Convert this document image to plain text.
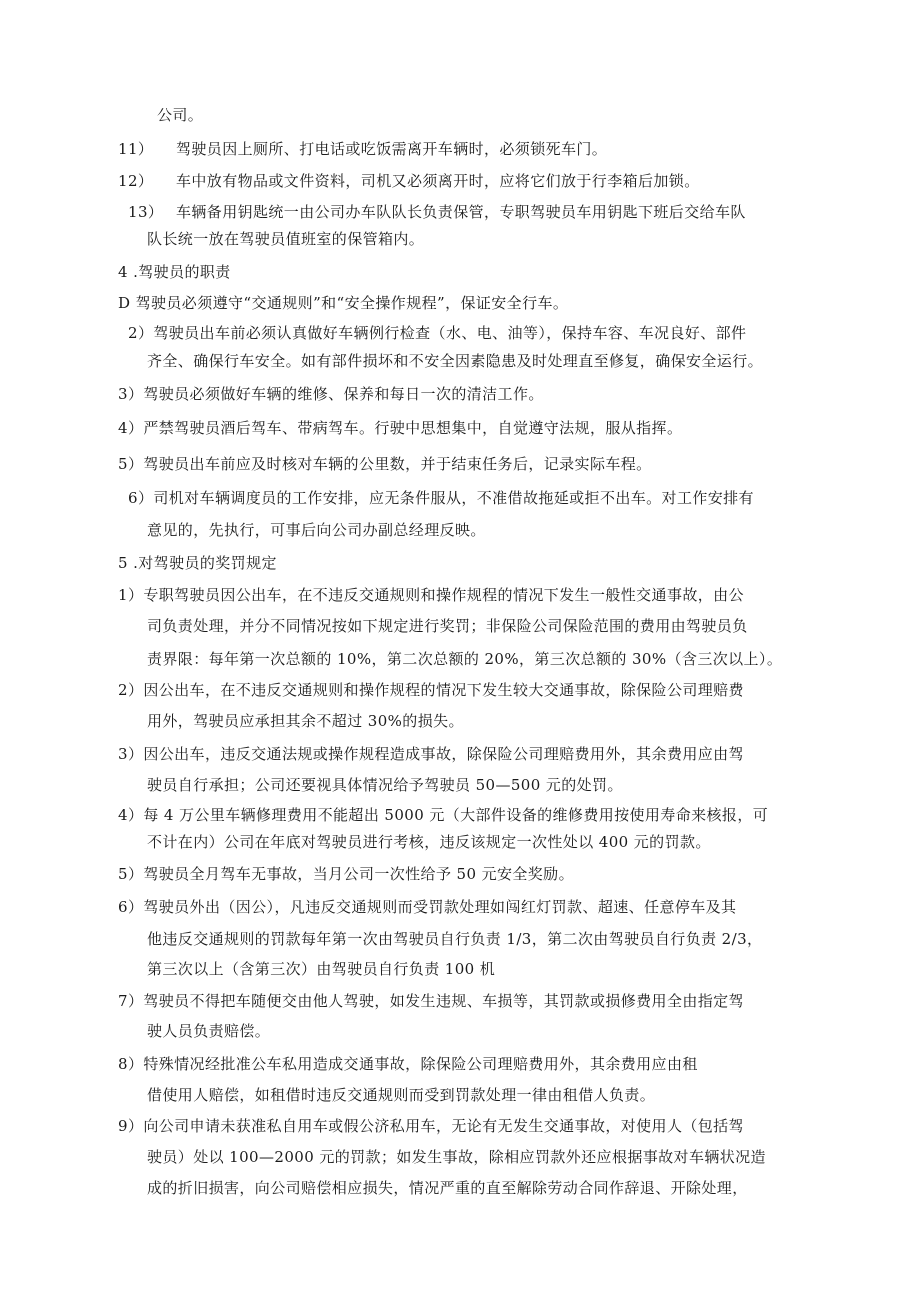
公司。
11） 驾驶员因上厕所、打电话或吃饭需离开车辆时，必须锁死车门。
12） 车中放有物品或文件资料，司机又必须离开时，应将它们放于行李箱后加锁。
13） 车辆备用钥匙统一由公司办车队队长负责保管，专职驾驶员车用钥匙下班后交给车队
队长统一放在驾驶员值班室的保管箱内。
4 .驾驶员的职责
D 驾驶员必须遵守“交通规则”和“安全操作规程”，保证安全行车。
2）驾驶员出车前必须认真做好车辆例行检查（水、电、油等），保持车容、车况良好、部件
齐全、确保行车安全。如有部件损坏和不安全因素隐患及时处理直至修复，确保安全运行。
3）驾驶员必须做好车辆的维修、保养和每日一次的清洁工作。
4）严禁驾驶员酒后驾车、带病驾车。行驶中思想集中，自觉遵守法规，服从指挥。
5）驾驶员出车前应及时核对车辆的公里数，并于结束任务后，记录实际车程。
6）司机对车辆调度员的工作安排，应无条件服从，不准借故拖延或拒不出车。对工作安排有
意见的，先执行，可事后向公司办副总经理反映。
5 .对驾驶员的奖罚规定
1）专职驾驶员因公出车，在不违反交通规则和操作规程的情况下发生一般性交通事故，由公
司负责处理，并分不同情况按如下规定进行奖罚；非保险公司保险范围的费用由驾驶员负
责界限：每年第一次总额的 10%，第二次总额的 20%，第三次总额的 30%（含三次以上）。
2）因公出车，在不违反交通规则和操作规程的情况下发生较大交通事故，除保险公司理赔费
用外，驾驶员应承担其余不超过 30%的损失。
3）因公出车，违反交通法规或操作规程造成事故，除保险公司理赔费用外，其余费用应由驾
驶员自行承担；公司还要视具体情况给予驾驶员 50—500 元的处罚。
4）每 4 万公里车辆修理费用不能超出 5000 元（大部件设备的维修费用按使用寿命来核报，可
不计在内）公司在年底对驾驶员进行考核，违反该规定一次性处以 400 元的罚款。
5）驾驶员全月驾车无事故，当月公司一次性给予 50 元安全奖励。
6）驾驶员外出（因公），凡违反交通规则而受罚款处理如闯红灯罚款、超速、任意停车及其
他违反交通规则的罚款每年第一次由驾驶员自行负责 1/3，第二次由驾驶员自行负责 2/3，
第三次以上（含第三次）由驾驶员自行负责 100 机
7）驾驶员不得把车随便交由他人驾驶，如发生违规、车损等，其罚款或损修费用全由指定驾
驶人员负责赔偿。
8）特殊情况经批准公车私用造成交通事故，除保险公司理赔费用外，其余费用应由租
借使用人赔偿，如租借时违反交通规则而受到罚款处理一律由租借人负责。
9）向公司申请未获准私自用车或假公济私用车，无论有无发生交通事故，对使用人（包括驾
驶员）处以 100—2000 元的罚款；如发生事故，除相应罚款外还应根据事故对车辆状况造
成的折旧损害，向公司赔偿相应损失，情况严重的直至解除劳动合同作辞退、开除处理，
